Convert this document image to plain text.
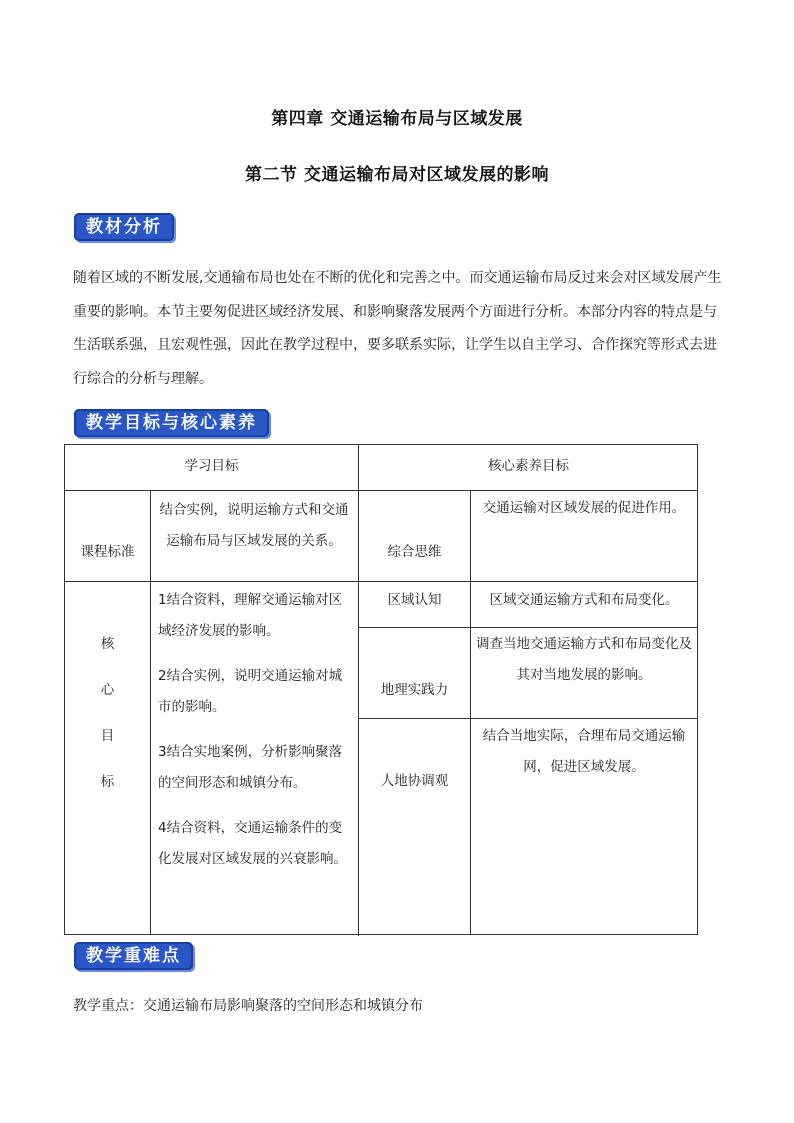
第四章 交通运输布局与区域发展
第二节 交通运输布局对区域发展的影响
教材分析
随着区域的不断发展,交通输布局也处在不断的优化和完善之中。而交通运输布局反过来会对区域发展产生重要的影响。本节主要匆促进区域经济发展、和影响聚落发展两个方面进行分析。本部分内容的特点是与生活联系强，且宏观性强，因此在教学过程中，要多联系实际，让学生以自主学习、合作探究等形式去进行综合的分析与理解。
教学目标与核心素养
学习目标	核心素养目标
课程标准
结合实例，说明运输方式和交通运输布局与区域发展的关系。
核
心
目
标
1结合资料，理解交通运输对区域经济发展的影响。
2结合实例，说明交通运输对城市的影响。
3结合实地案例，分析影响聚落的空间形态和城镇分布。
4结合资料，交通运输条件的变化发展对区域发展的兴衰影响。
综合思维
交通运输对区域发展的促进作用。
区域认知	区域交通运输方式和布局变化。
地理实践力
调查当地交通运输方式和布局变化及其对当地发展的影响。
人地协调观
结合当地实际，合理布局交通运输网，促进区域发展。
教学重难点
教学重点：交通运输布局影响聚落的空间形态和城镇分布
